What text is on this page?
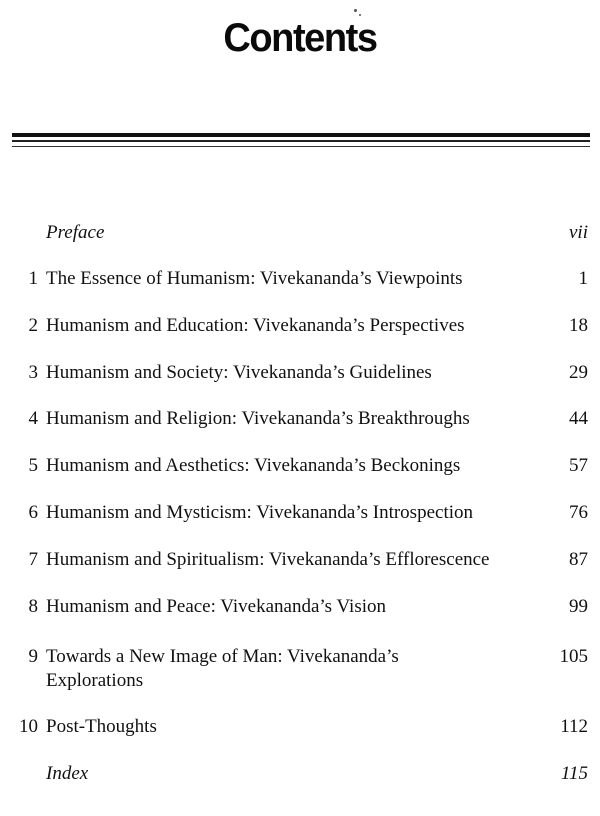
Contents
Preface	vii
1 The Essence of Humanism: Vivekananda’s Viewpoints	1
2 Humanism and Education: Vivekananda’s Perspectives	18
3 Humanism and Society: Vivekananda’s Guidelines	29
4 Humanism and Religion: Vivekananda’s Breakthroughs	44
5 Humanism and Aesthetics: Vivekananda’s Beckonings	57
6 Humanism and Mysticism: Vivekananda’s Introspection	76
7 Humanism and Spiritualism: Vivekananda’s Efflorescence	87
8 Humanism and Peace: Vivekananda’s Vision	99
9 Towards a New Image of Man: Vivekananda’s	105
Explorations
10 Post-Thoughts	112
Index	115
